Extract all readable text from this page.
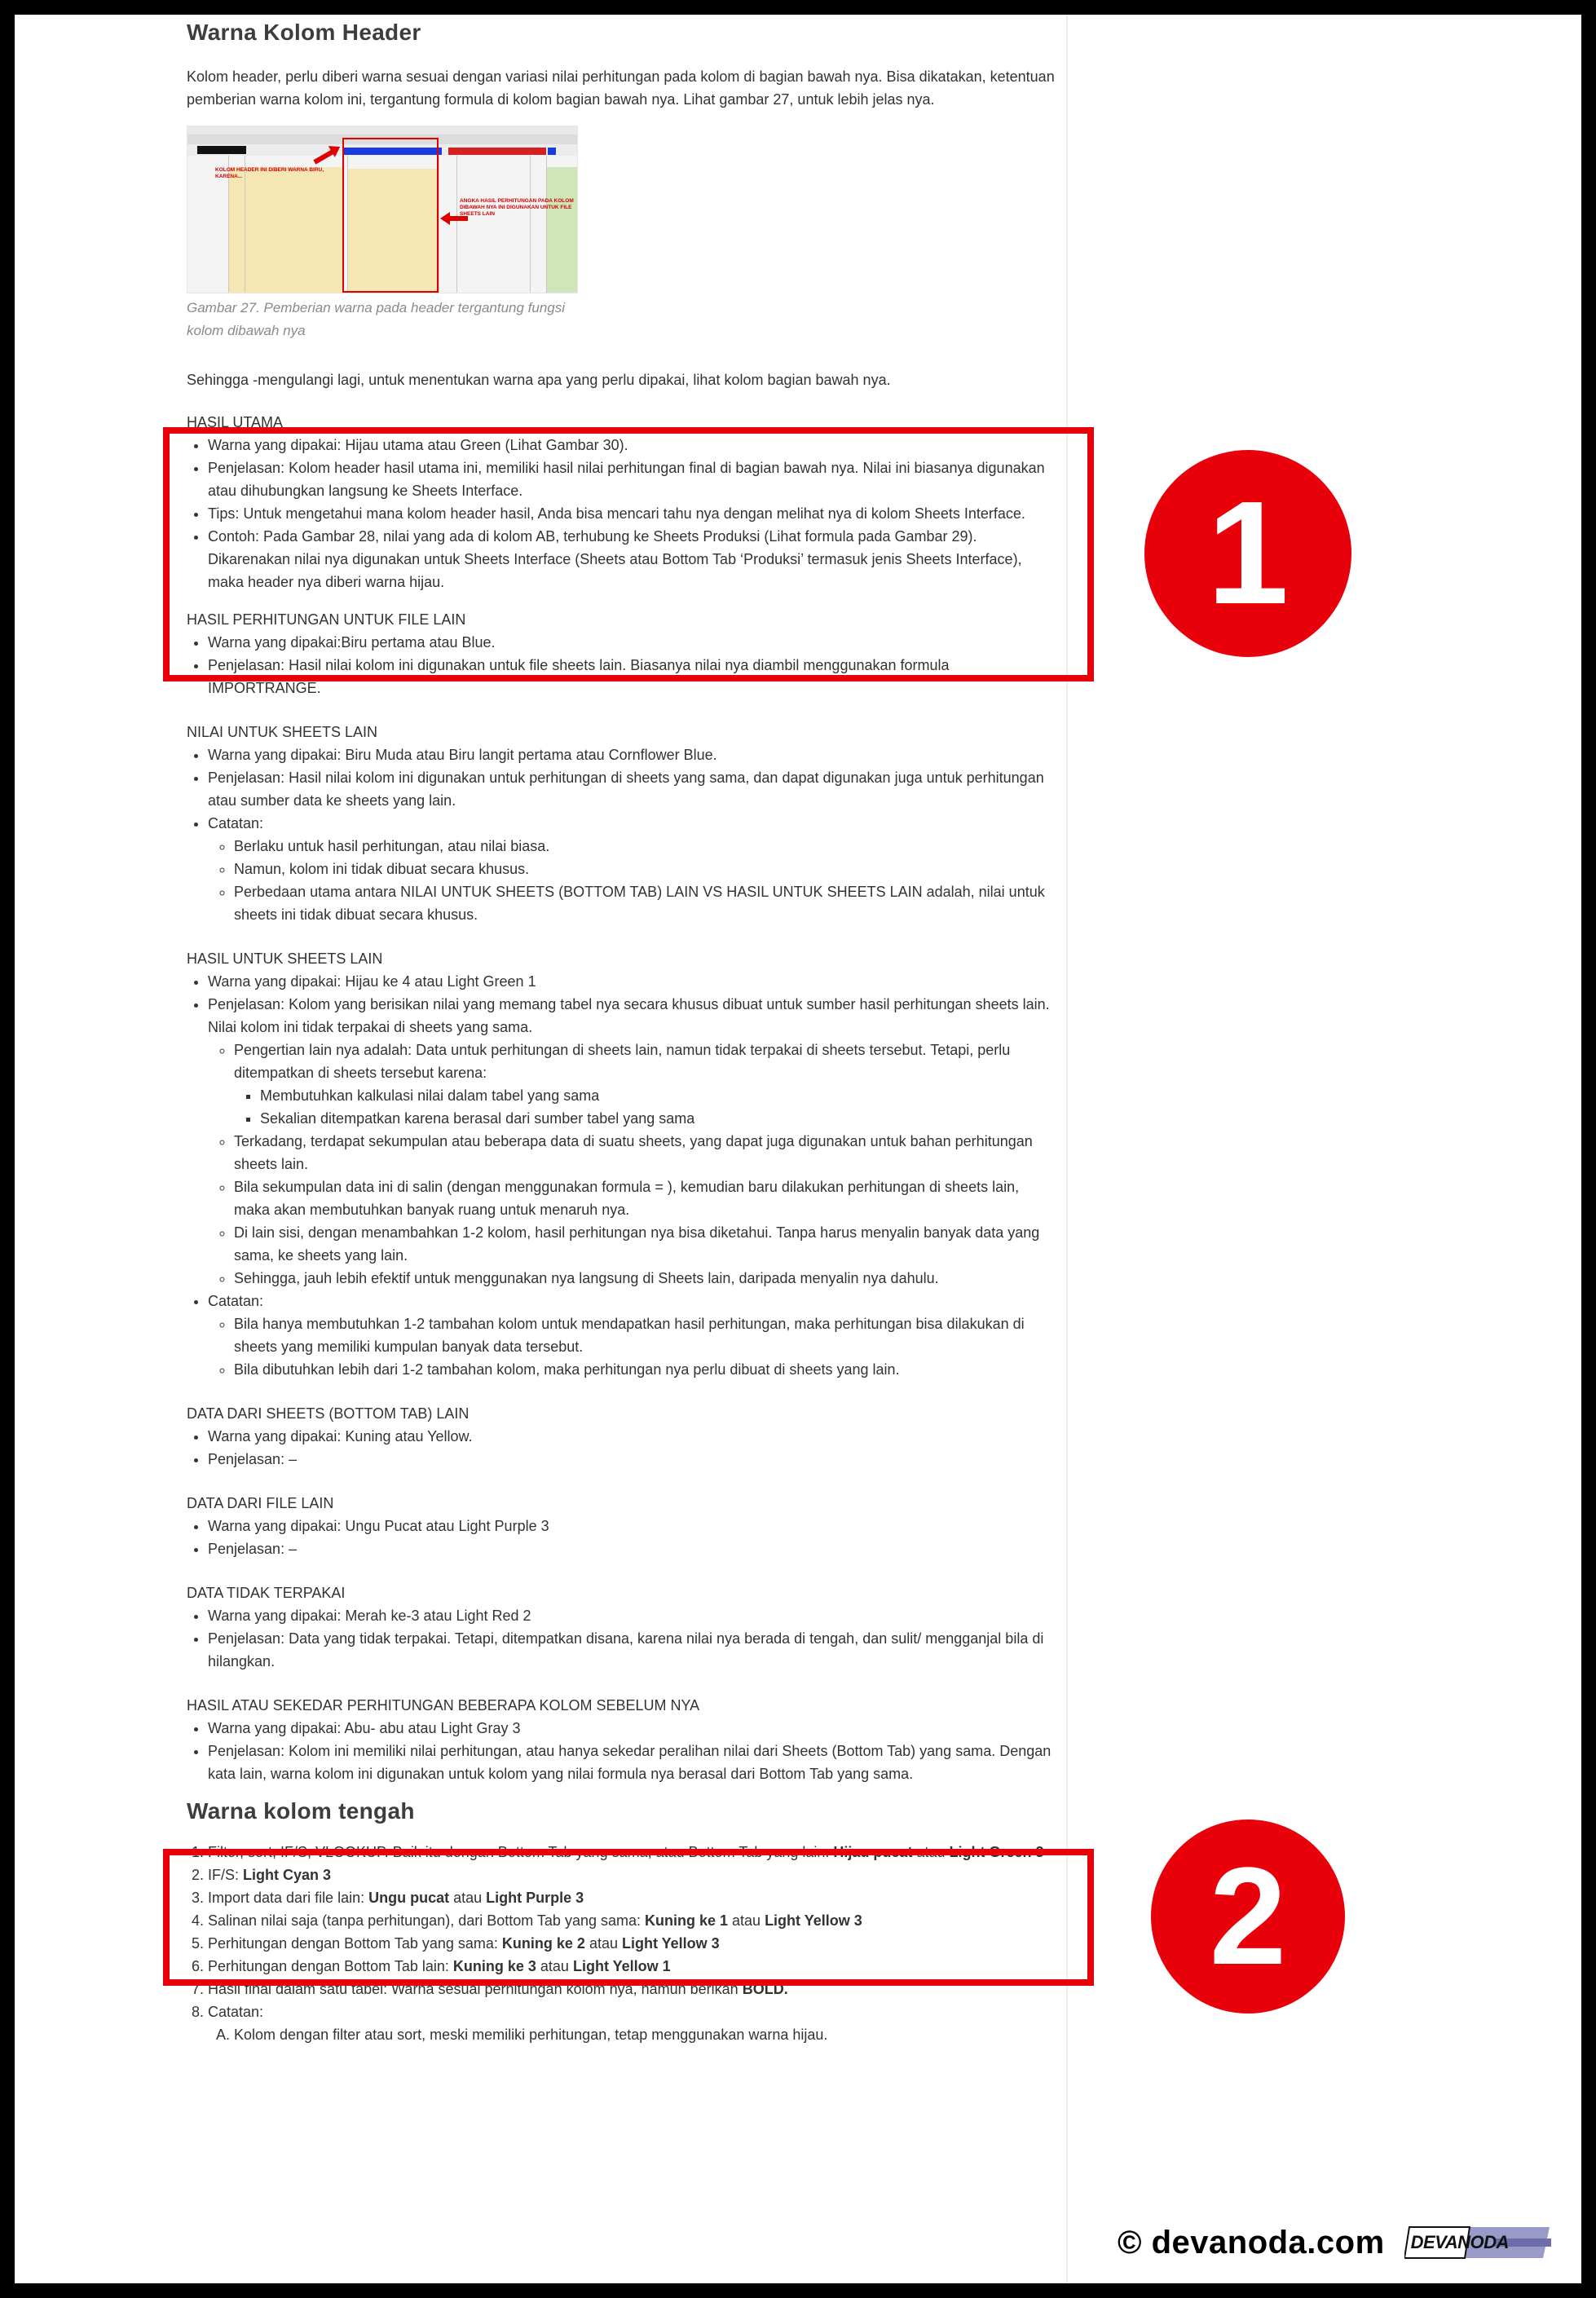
Warna Kolom Header

Kolom header, perlu diberi warna sesuai dengan variasi nilai perhitungan pada kolom di bagian bawah nya. Bisa dikatakan, ketentuan pemberian warna kolom ini, tergantung formula di kolom bagian bawah nya. Lihat gambar 27, untuk lebih jelas nya.

KOLOM HEADER INI DIBERI WARNA BIRU, KARENA...
ANGKA HASIL PERHITUNGAN PADA KOLOM DIBAWAH NYA INI DIGUNAKAN UNTUK FILE SHEETS LAIN

Gambar 27. Pemberian warna pada header tergantung fungsi kolom dibawah nya

Sehingga -mengulangi lagi, untuk menentukan warna apa yang perlu dipakai, lihat kolom bagian bawah nya.

HASIL UTAMA

• Warna yang dipakai: Hijau utama atau Green (Lihat Gambar 30).
• Penjelasan: Kolom header hasil utama ini, memiliki hasil nilai perhitungan final di bagian bawah nya. Nilai ini biasanya digunakan atau dihubungkan langsung ke Sheets Interface.
• Tips: Untuk mengetahui mana kolom header hasil, Anda bisa mencari tahu nya dengan melihat nya di kolom Sheets Interface.
• Contoh: Pada Gambar 28, nilai yang ada di kolom AB, terhubung ke Sheets Produksi (Lihat formula pada Gambar 29). Dikarenakan nilai nya digunakan untuk Sheets Interface (Sheets atau Bottom Tab ‘Produksi’ termasuk jenis Sheets Interface), maka header nya diberi warna hijau.

HASIL PERHITUNGAN UNTUK FILE LAIN

• Warna yang dipakai:Biru pertama atau Blue.
• Penjelasan: Hasil nilai kolom ini digunakan untuk file sheets lain. Biasanya nilai nya diambil menggunakan formula IMPORTRANGE.

NILAI UNTUK SHEETS LAIN

• Warna yang dipakai: Biru Muda atau Biru langit pertama atau Cornflower Blue.
• Penjelasan: Hasil nilai kolom ini digunakan untuk perhitungan di sheets yang sama, dan dapat digunakan juga untuk perhitungan atau sumber data ke sheets yang lain.
• Catatan:
◦ Berlaku untuk hasil perhitungan, atau nilai biasa.
◦ Namun, kolom ini tidak dibuat secara khusus.
◦ Perbedaan utama antara NILAI UNTUK SHEETS (BOTTOM TAB) LAIN VS HASIL UNTUK SHEETS LAIN adalah, nilai untuk sheets ini tidak dibuat secara khusus.

HASIL UNTUK SHEETS LAIN

• Warna yang dipakai: Hijau ke 4 atau Light Green 1
• Penjelasan: Kolom yang berisikan nilai yang memang tabel nya secara khusus dibuat untuk sumber hasil perhitungan sheets lain. Nilai kolom ini tidak terpakai di sheets yang sama.
◦ Pengertian lain nya adalah: Data untuk perhitungan di sheets lain, namun tidak terpakai di sheets tersebut. Tetapi, perlu ditempatkan di sheets tersebut karena:
▪ Membutuhkan kalkulasi nilai dalam tabel yang sama
▪ Sekalian ditempatkan karena berasal dari sumber tabel yang sama
◦ Terkadang, terdapat sekumpulan atau beberapa data di suatu sheets, yang dapat juga digunakan untuk bahan perhitungan sheets lain.
◦ Bila sekumpulan data ini di salin (dengan menggunakan formula = ), kemudian baru dilakukan perhitungan di sheets lain, maka akan membutuhkan banyak ruang untuk menaruh nya.
◦ Di lain sisi, dengan menambahkan 1-2 kolom, hasil perhitungan nya bisa diketahui. Tanpa harus menyalin banyak data yang sama, ke sheets yang lain.
◦ Sehingga, jauh lebih efektif untuk menggunakan nya langsung di Sheets lain, daripada menyalin nya dahulu.
• Catatan:
◦ Bila hanya membutuhkan 1-2 tambahan kolom untuk mendapatkan hasil perhitungan, maka perhitungan bisa dilakukan di sheets yang memiliki kumpulan banyak data tersebut.
◦ Bila dibutuhkan lebih dari 1-2 tambahan kolom, maka perhitungan nya perlu dibuat di sheets yang lain.

DATA DARI SHEETS (BOTTOM TAB) LAIN

• Warna yang dipakai: Kuning atau Yellow.
• Penjelasan: –

DATA DARI FILE LAIN

• Warna yang dipakai: Ungu Pucat atau Light Purple 3
• Penjelasan: –

DATA TIDAK TERPAKAI

• Warna yang dipakai: Merah ke-3 atau Light Red 2
• Penjelasan: Data yang tidak terpakai. Tetapi, ditempatkan disana, karena nilai nya berada di tengah, dan sulit/ mengganjal bila di hilangkan.

HASIL ATAU SEKEDAR PERHITUNGAN BEBERAPA KOLOM SEBELUM NYA

• Warna yang dipakai: Abu- abu atau Light Gray 3
• Penjelasan: Kolom ini memiliki nilai perhitungan, atau hanya sekedar peralihan nilai dari Sheets (Bottom Tab) yang sama. Dengan kata lain, warna kolom ini digunakan untuk kolom yang nilai formula nya berasal dari Bottom Tab yang sama.
Warna kolom tengah
1. Filter, sort, IF/S, VLOOKUP. Baik itu dengan Bottom Tab yang sama, atau Bottom Tab yang lain: Hijau pucat atau Light Green 3
2. IF/S: Light Cyan 3
3. Import data dari file lain: Ungu pucat atau Light Purple 3
4. Salinan nilai saja (tanpa perhitungan), dari Bottom Tab yang sama: Kuning ke 1 atau Light Yellow 3
5. Perhitungan dengan Bottom Tab yang sama: Kuning ke 2 atau Light Yellow 3
6. Perhitungan dengan Bottom Tab lain: Kuning ke 3 atau Light Yellow 1
7. Hasil final dalam satu tabel: Warna sesuai perhitungan kolom nya, namun berikan BOLD.
8. Catatan:
A. Kolom dengan filter atau sort, meski memiliki perhitungan, tetap menggunakan warna hijau.
1
2
© devanoda.com DEVANODA
